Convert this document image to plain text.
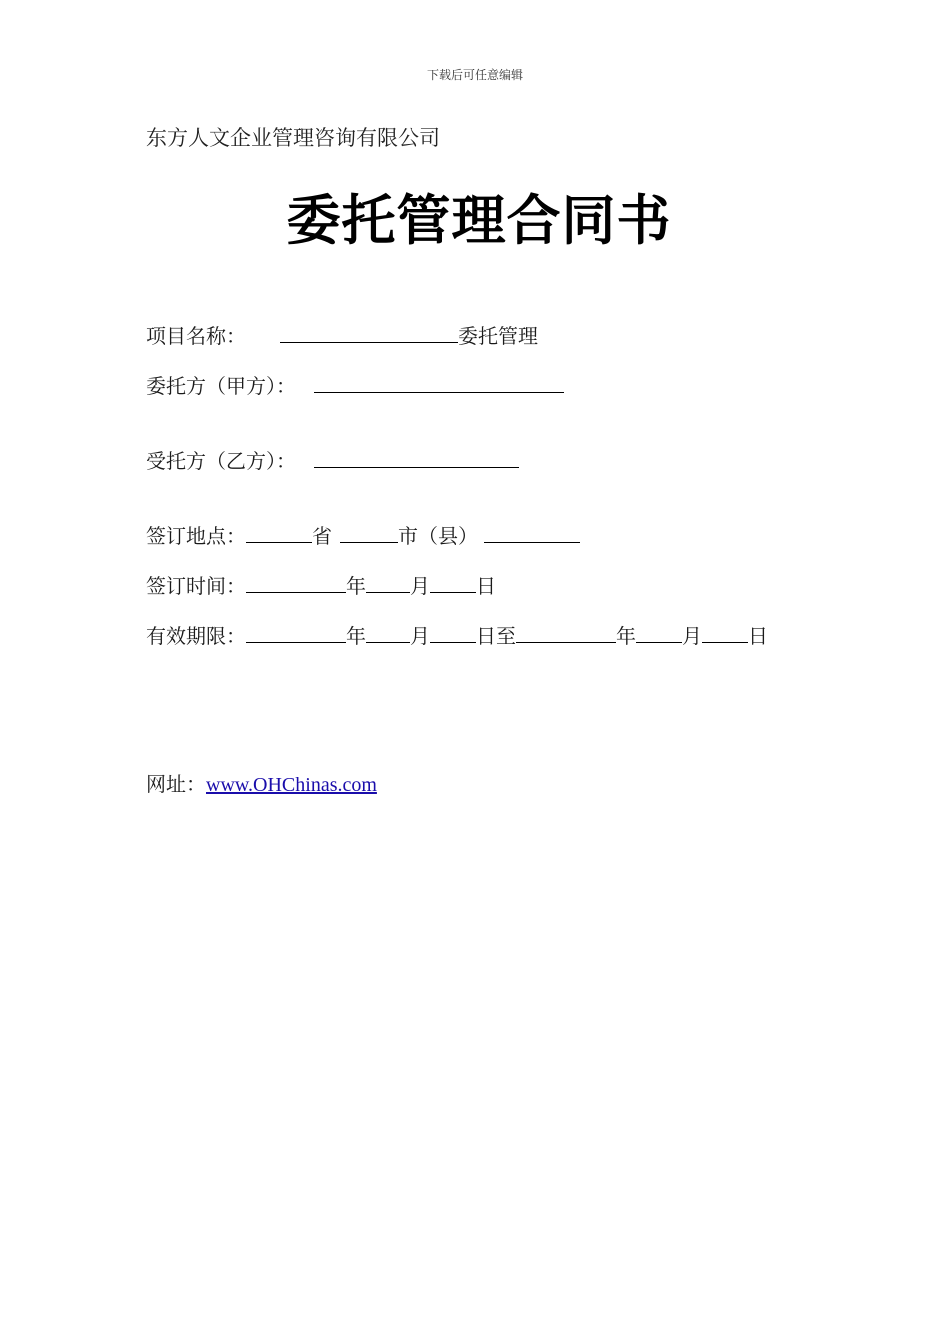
下载后可任意编辑
东方人文企业管理咨询有限公司
委托管理合同书
项目名称：	委托管理
委托方（甲方）：
受托方（乙方）：
签订地点：	省	市（县）
签订时间：	年 月 日
有效期限：	年 月 日至	年 月 日
网址： www.OHChinas.com
